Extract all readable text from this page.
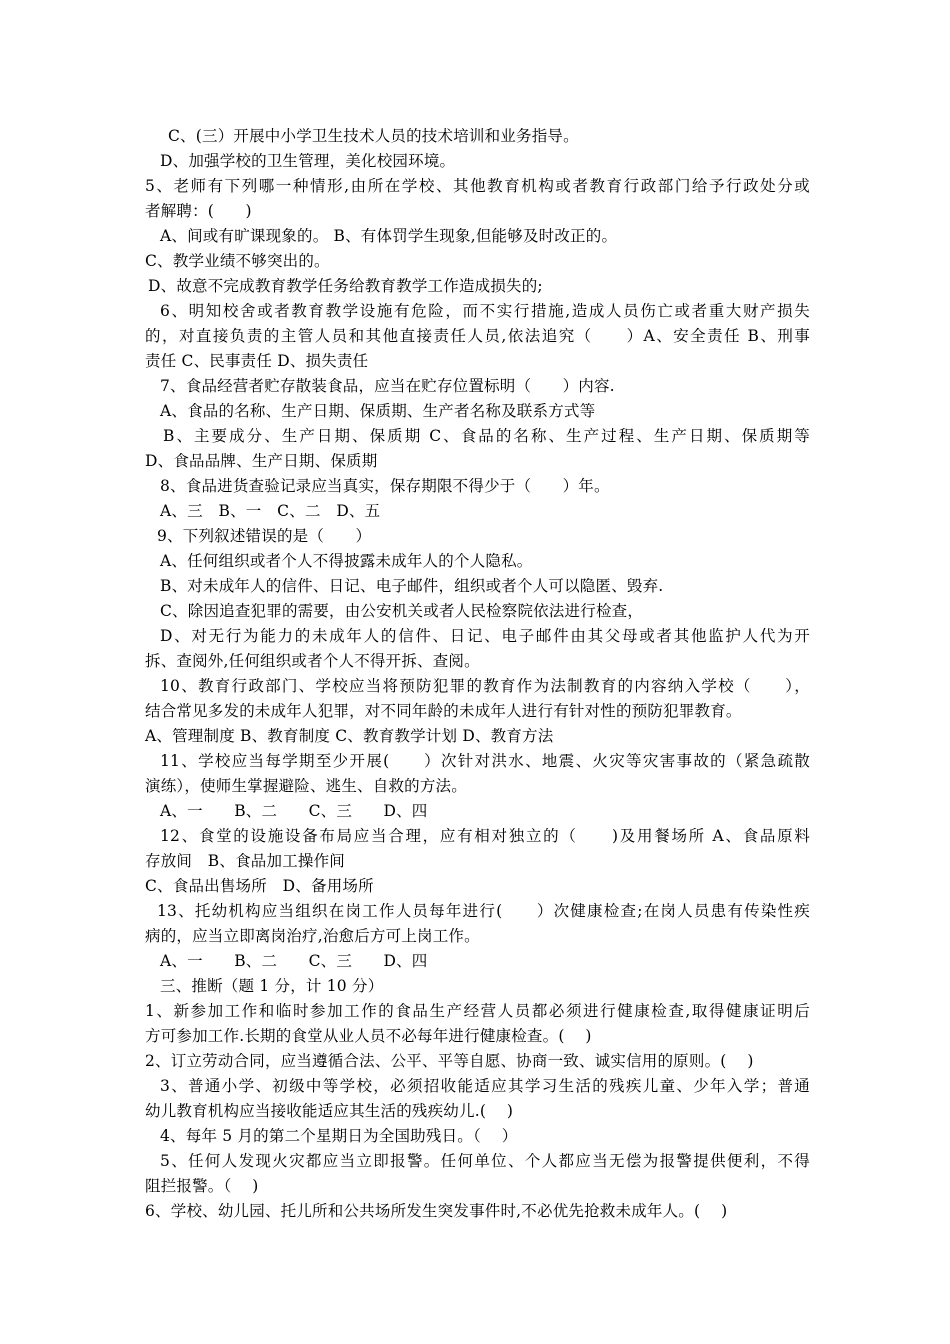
C、(三）开展中小学卫生技术人员的技术培训和业务指导。
D、加强学校的卫生管理，美化校园环境。
5、老师有下列哪一种情形,由所在学校、其他教育机构或者教育行政部门给予行政处分或
者解聘：(　　)
A、间或有旷课现象的。 B、有体罚学生现象,但能够及时改正的。
C、教学业绩不够突出的。
D、故意不完成教育教学任务给教育教学工作造成损失的;
6、明知校舍或者教育教学设施有危险，而不实行措施,造成人员伤亡或者重大财产损失
的，对直接负责的主管人员和其他直接责任人员,依法追究（　　）A、安全责任 B、刑事
责任 C、民事责任 D、损失责任
7、食品经营者贮存散装食品，应当在贮存位置标明（　　）内容.
A、食品的名称、生产日期、保质期、生产者名称及联系方式等
B、主要成分、生产日期、保质期 C、食品的名称、生产过程、生产日期、保质期等
D、食品品牌、生产日期、保质期
8、食品进货查验记录应当真实，保存期限不得少于（　　）年。
A、三　B、一　C、二　D、五
9、下列叙述错误的是（　　）
A、任何组织或者个人不得披露未成年人的个人隐私。
B、对未成年人的信件、日记、电子邮件，组织或者个人可以隐匿、毁弃.
C、除因追查犯罪的需要，由公安机关或者人民检察院依法进行检查，
D、对无行为能力的未成年人的信件、日记、电子邮件由其父母或者其他监护人代为开
拆、查阅外,任何组织或者个人不得开拆、查阅。
10、教育行政部门、学校应当将预防犯罪的教育作为法制教育的内容纳入学校（　　），
结合常见多发的未成年人犯罪，对不同年龄的未成年人进行有针对性的预防犯罪教育。
A、管理制度 B、教育制度 C、教育教学计划 D、教育方法
11、学校应当每学期至少开展(　　）次针对洪水、地震、火灾等灾害事故的（紧急疏散
演练），使师生掌握避险、逃生、自救的方法。
A、一　　B、二　　C、三　　D、四
12、食堂的设施设备布局应当合理，应有相对独立的（　　)及用餐场所 A、食品原料
存放间　B、食品加工操作间
C、食品出售场所　D、备用场所
13、托幼机构应当组织在岗工作人员每年进行(　　）次健康检查;在岗人员患有传染性疾
病的，应当立即离岗治疗,治愈后方可上岗工作。
A、一　　B、二　　C、三　　D、四
三、推断（题 1 分，计 10 分）
1、新参加工作和临时参加工作的食品生产经营人员都必须进行健康检查,取得健康证明后
方可参加工作.长期的食堂从业人员不必每年进行健康检查。( 　)
2、订立劳动合同，应当遵循合法、公平、平等自愿、协商一致、诚实信用的原则。( 　)
3、普通小学、初级中等学校，必须招收能适应其学习生活的残疾儿童、少年入学；普通
幼儿教育机构应当接收能适应其生活的残疾幼儿.( 　)
4、每年 5 月的第二个星期日为全国助残日。（ 　）
5、任何人发现火灾都应当立即报警。任何单位、个人都应当无偿为报警提供便利，不得
阻拦报警。（ 　)
6、学校、幼儿园、托儿所和公共场所发生突发事件时,不必优先抢救未成年人。( 　)
